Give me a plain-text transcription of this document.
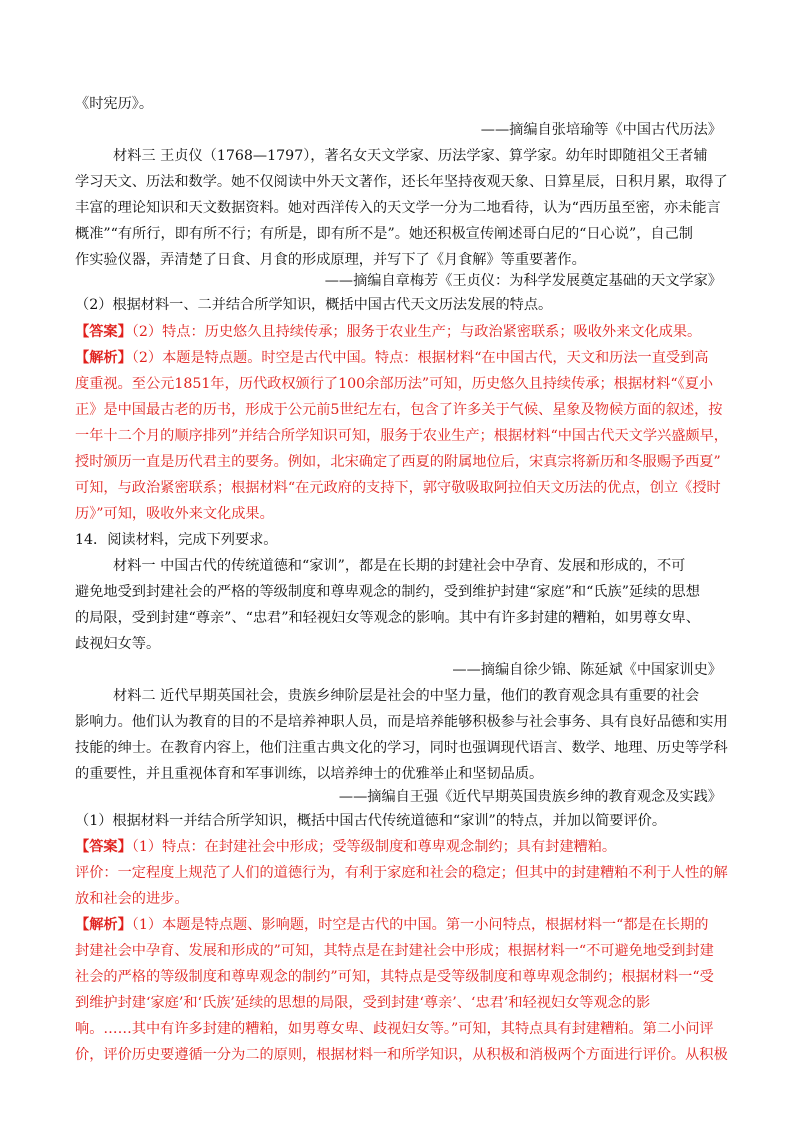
《时宪历》。
——摘编自张培瑜等《中国古代历法》
材料三 王贞仪（1768—1797），著名女天文学家、历法学家、算学家。幼年时即随祖父王者辅
学习天文、历法和数学。她不仅阅读中外天文著作，还长年坚持夜观天象、日算星辰，日积月累，取得了
丰富的理论知识和天文数据资料。她对西洋传入的天文学一分为二地看待，认为“西历虽至密，亦未能言
概准”“有所行，即有所不行；有所是，即有所不是”。她还积极宣传阐述哥白尼的“日心说”，自己制
作实验仪器，弄清楚了日食、月食的形成原理，并写下了《月食解》等重要著作。
——摘编自章梅芳《王贞仪：为科学发展奠定基础的天文学家》
（2）根据材料一、二并结合所学知识，概括中国古代天文历法发展的特点。
【答案】（2）特点：历史悠久且持续传承；服务于农业生产；与政治紧密联系；吸收外来文化成果。
【解析】（2）本题是特点题。时空是古代中国。特点：根据材料“在中国古代，天文和历法一直受到高
度重视。至公元1851年，历代政权颁行了100余部历法”可知，历史悠久且持续传承；根据材料“《夏小
正》是中国最古老的历书，形成于公元前5世纪左右，包含了许多关于气候、星象及物候方面的叙述，按
一年十二个月的顺序排列”并结合所学知识可知，服务于农业生产；根据材料“中国古代天文学兴盛颇早，
授时颁历一直是历代君主的要务。例如，北宋确定了西夏的附属地位后，宋真宗将新历和冬服赐予西夏”
可知，与政治紧密联系；根据材料“在元政府的支持下，郭守敬吸取阿拉伯天文历法的优点，创立《授时
历》”可知，吸收外来文化成果。
14．阅读材料，完成下列要求。
材料一 中国古代的传统道德和“家训”，都是在长期的封建社会中孕育、发展和形成的，不可
避免地受到封建社会的严格的等级制度和尊卑观念的制约，受到维护封建“家庭”和“氏族”延续的思想
的局限，受到封建“尊亲”、“忠君”和轻视妇女等观念的影响。其中有许多封建的糟粕，如男尊女卑、
歧视妇女等。
——摘编自徐少锦、陈延斌《中国家训史》
材料二 近代早期英国社会，贵族乡绅阶层是社会的中坚力量，他们的教育观念具有重要的社会
影响力。他们认为教育的目的不是培养神职人员，而是培养能够积极参与社会事务、具有良好品德和实用
技能的绅士。在教育内容上，他们注重古典文化的学习，同时也强调现代语言、数学、地理、历史等学科
的重要性，并且重视体育和军事训练，以培养绅士的优雅举止和坚韧品质。
——摘编自王强《近代早期英国贵族乡绅的教育观念及实践》
（1）根据材料一并结合所学知识，概括中国古代传统道德和“家训”的特点，并加以简要评价。
【答案】（1）特点：在封建社会中形成；受等级制度和尊卑观念制约；具有封建糟粕。
评价：一定程度上规范了人们的道德行为，有利于家庭和社会的稳定；但其中的封建糟粕不利于人性的解
放和社会的进步。
【解析】（1）本题是特点题、影响题，时空是古代的中国。第一小问特点，根据材料一“都是在长期的
封建社会中孕育、发展和形成的”可知，其特点是在封建社会中形成；根据材料一“不可避免地受到封建
社会的严格的等级制度和尊卑观念的制约”可知，其特点是受等级制度和尊卑观念制约；根据材料一“受
到维护封建‘家庭’和‘氏族’延续的思想的局限，受到封建‘尊亲’、‘忠君’和轻视妇女等观念的影
响。……其中有许多封建的糟粕，如男尊女卑、歧视妇女等。”可知，其特点具有封建糟粕。第二小问评
价，评价历史要遵循一分为二的原则，根据材料一和所学知识，从积极和消极两个方面进行评价。从积极
